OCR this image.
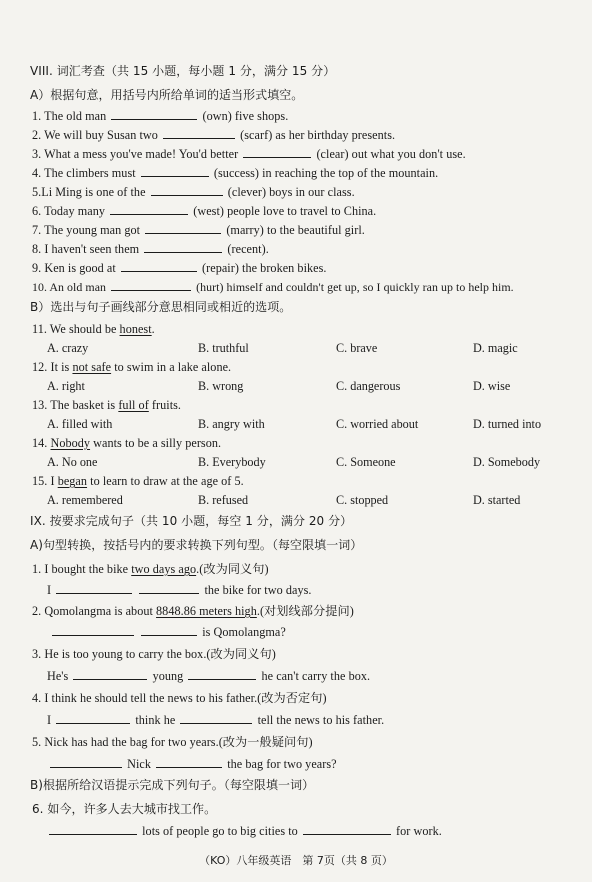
VIII. 词汇考查（共 15 小题，每小题 1 分，满分 15 分）
A）根据句意，用括号内所给单词的适当形式填空。
1. The old man	(own) five shops.
2. We will buy Susan two	(scarf) as her birthday presents.
3. What a mess you've made! You'd better	(clear) out what you don't use.
4. The climbers must	(success) in reaching the top of the mountain.
5.Li Ming is one of the	(clever) boys in our class.
6. Today many	(west) people love to travel to China.
7. The young man got	(marry) to the beautiful girl.
8. I haven't seen them	(recent).
9. Ken is good at	(repair) the broken bikes.
10. An old man	(hurt) himself and couldn't get up, so I quickly ran up to help him.
B）选出与句子画线部分意思相同或相近的选项。
11. We should be honest.
A. crazy	B. truthful	C. brave	D. magic
12. It is not safe to swim in a lake alone.
A. right	B. wrong	C. dangerous	D. wise
13. The basket is full of fruits.
A. filled with	B. angry with	C. worried about	D. turned into
14. Nobody wants to be a silly person.
A. No one	B. Everybody	C. Someone	D. Somebody
15. I began to learn to draw at the age of 5.
A. remembered	B. refused	C. stopped	D. started
IX. 按要求完成句子（共 10 小题，每空 1 分，满分 20 分）
A)句型转换，按括号内的要求转换下列句型。（每空限填一词）
1. I bought the bike two days ago.(改为同义句)
I	the bike for two days.
2. Qomolangma is about 8848.86 meters high.(对划线部分提问)
is Qomolangma?
3. He is too young to carry the box.(改为同义句)
He's	young	he can't carry the box.
4. I think he should tell the news to his father.(改为否定句)
I	think he	tell the news to his father.
5. Nick has had the bag for two years.(改为一般疑问句)
Nick	the bag for two years?
B)根据所给汉语提示完成下列句子。（每空限填一词）
6. 如今，许多人去大城市找工作。
lots of people go to big cities to	for work.
（KO）八年级英语　第 7页（共 8 页）
